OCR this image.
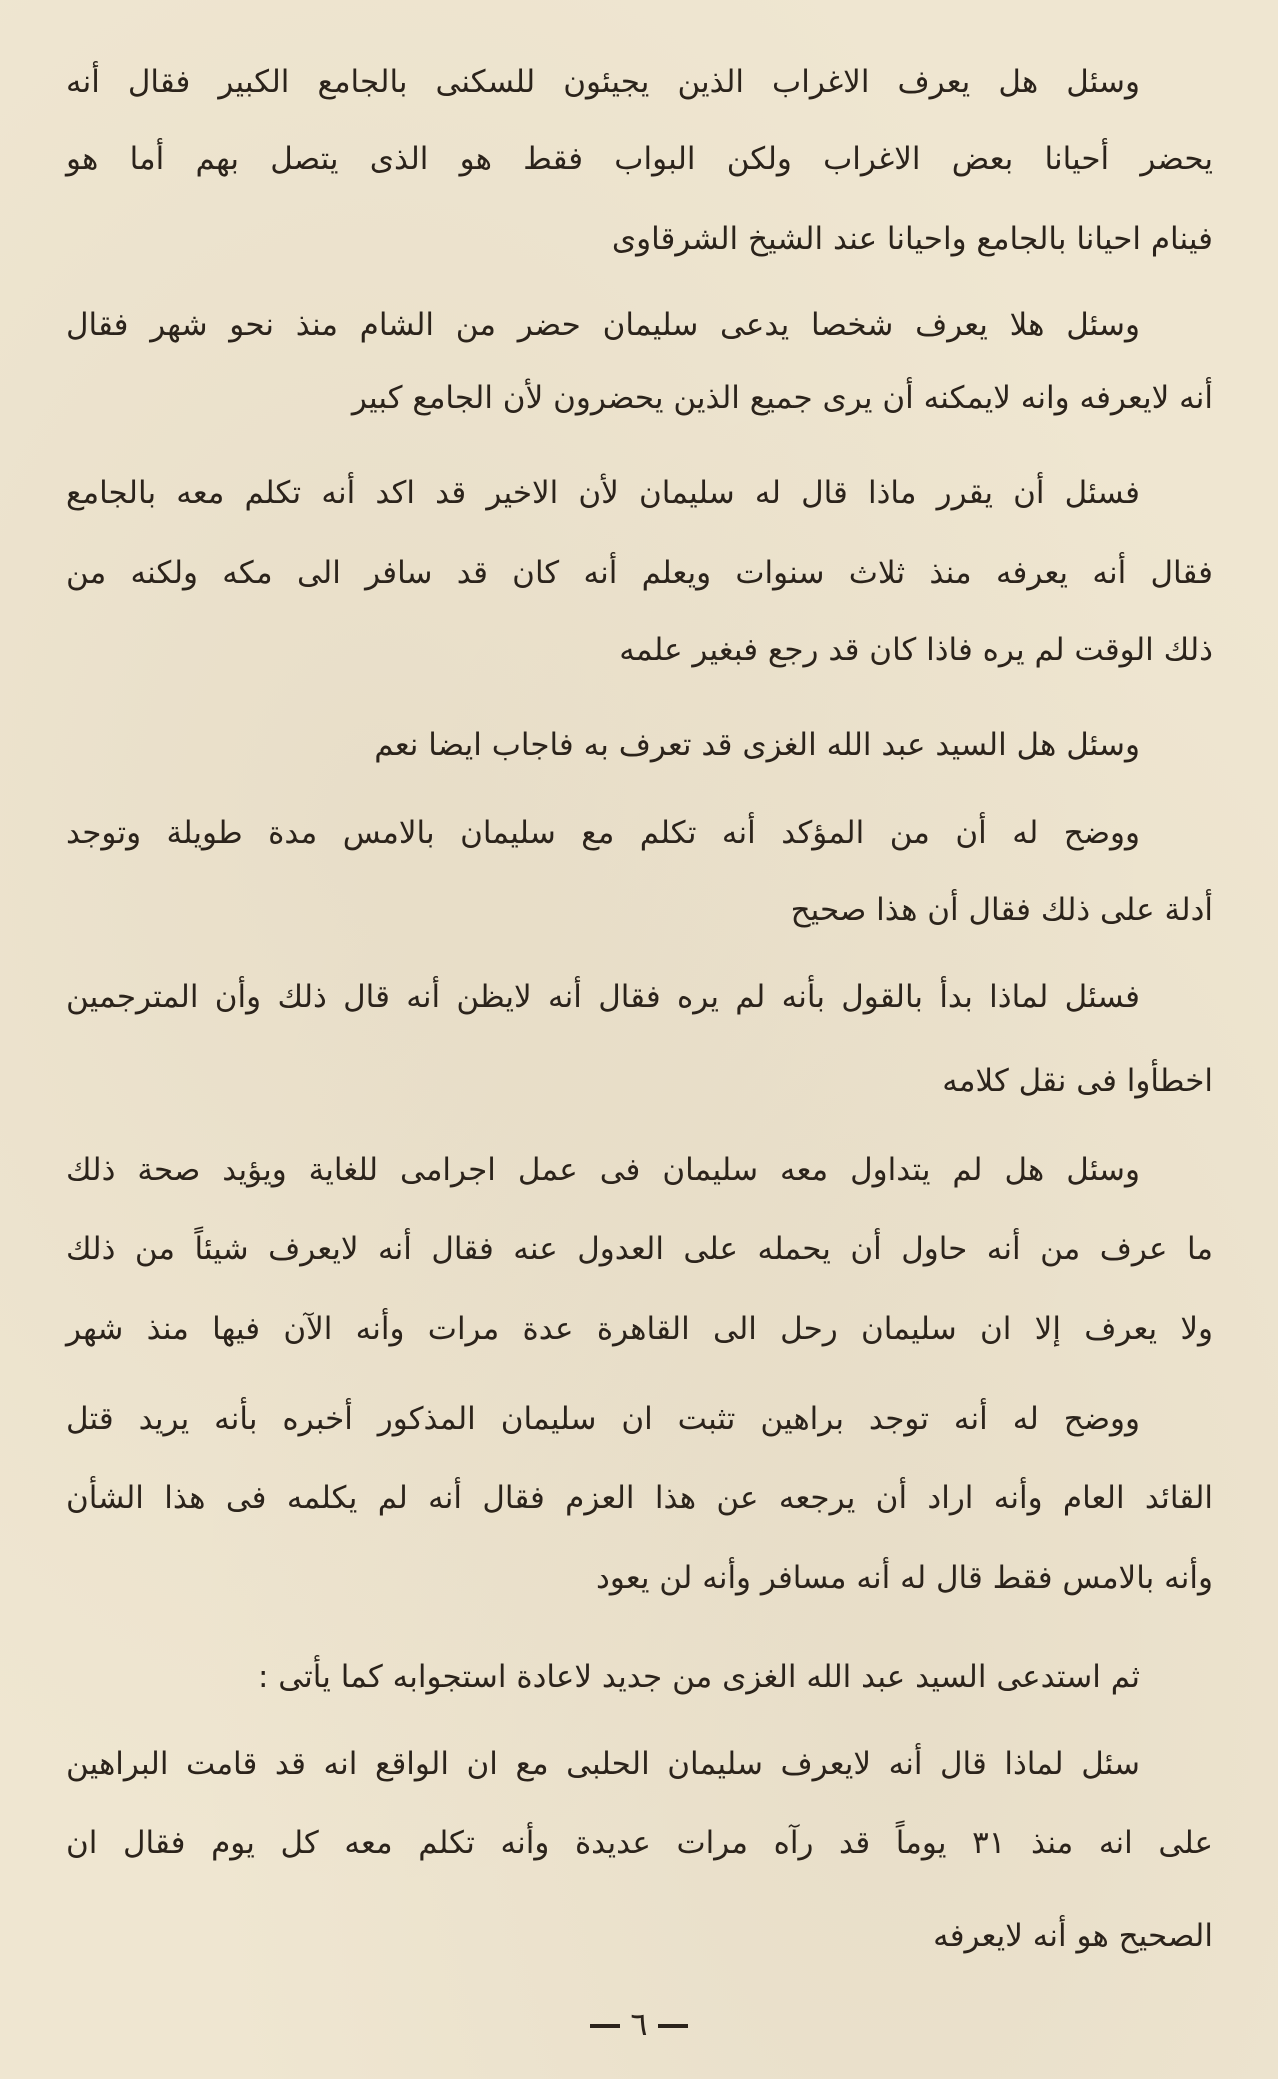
وسئل هل يعرف الاغراب الذين يجيئون للسكنى بالجامع الكبير فقال أنه
يحضر أحيانا بعض الاغراب ولكن البواب فقط هو الذى يتصل بهم أما هو
فينام احيانا بالجامع واحيانا عند الشيخ الشرقاوى
وسئل هلا يعرف شخصا يدعى سليمان حضر من الشام منذ نحو شهر فقال
أنه لايعرفه وانه لايمكنه أن يرى جميع الذين يحضرون لأن الجامع كبير
فسئل أن يقرر ماذا قال له سليمان لأن الاخير قد اكد أنه تكلم معه بالجامع
فقال أنه يعرفه منذ ثلاث سنوات ويعلم أنه كان قد سافر الى مكه ولكنه من
ذلك الوقت لم يره فاذا كان قد رجع فبغير علمه
وسئل هل السيد عبد الله الغزى قد تعرف به فاجاب ايضا نعم
ووضح له أن من المؤكد أنه تكلم مع سليمان بالامس مدة طويلة وتوجد
أدلة على ذلك فقال أن هذا صحيح
فسئل لماذا بدأ بالقول بأنه لم يره فقال أنه لايظن أنه قال ذلك وأن المترجمين
اخطأوا فى نقل كلامه
وسئل هل لم يتداول معه سليمان فى عمل اجرامى للغاية ويؤيد صحة ذلك
ما عرف من أنه حاول أن يحمله على العدول عنه فقال أنه لايعرف شيئاً من ذلك
ولا يعرف إلا ان سليمان رحل الى القاهرة عدة مرات وأنه الآن فيها منذ شهر
ووضح له أنه توجد براهين تثبت ان سليمان المذكور أخبره بأنه يريد قتل
القائد العام وأنه اراد أن يرجعه عن هذا العزم فقال أنه لم يكلمه فى هذا الشأن
وأنه بالامس فقط قال له أنه مسافر وأنه لن يعود
ثم استدعى السيد عبد الله الغزى من جديد لاعادة استجوابه كما يأتى :
سئل لماذا قال أنه لايعرف سليمان الحلبى مع ان الواقع انه قد قامت البراهين
على انه منذ ٣١ يوماً قد رآه مرات عديدة وأنه تكلم معه كل يوم فقال ان
الصحيح هو أنه لايعرفه
٦
